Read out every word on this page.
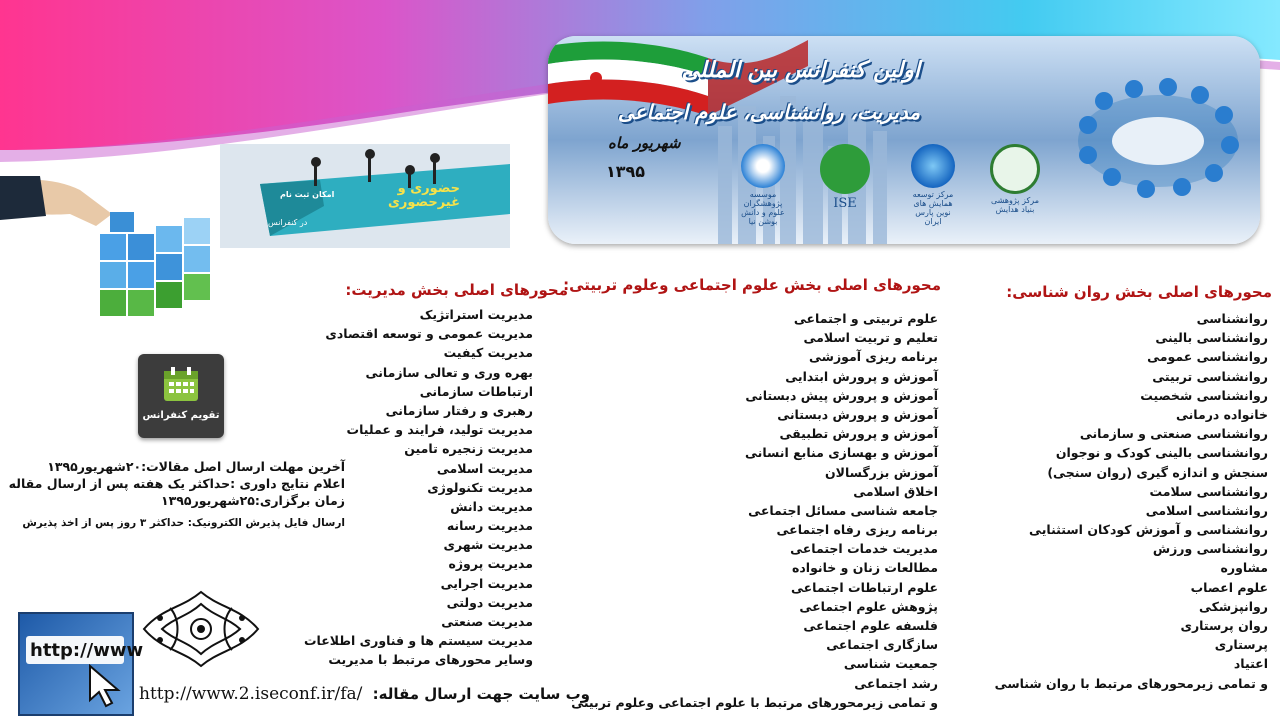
حضوری و
غیرحضوری
امکان ثبت نام
در کنفرانس
اولین کنفرانس بین المللی
مدیریت، روانشناسی، علوم اجتماعی
شهریور ماه
۱۳۹۵
مرکز پژوهشی
بنیاد هدایش
مرکز توسعه
همایش های
نوین پارس
ایران
ISE
موسسه
پژوهشگران
علوم و دانش
بوشن نیا
تقویم کنفرانس
محورهای اصلی بخش روان شناسی:
روانشناسی
روانشناسی بالینی
روانشناسی عمومی
روانشناسی تربیتی
روانشناسی شخصیت
خانواده درمانی
روانشناسی صنعتی و سازمانی
روانشناسی بالینی کودک و نوجوان
سنجش و اندازه گیری (روان سنجی)
روانشناسی سلامت
روانشناسی اسلامی
روانشناسی و آموزش کودکان استثنایی
روانشناسی ورزش
مشاوره
علوم اعصاب
روانپزشکی
روان پرستاری
پرستاری
اعتیاد
و تمامی زیرمحورهای مرتبط با روان شناسی
محورهای اصلی بخش علوم اجتماعی وعلوم تربیتی:
علوم تربیتی و اجتماعی
تعلیم و تربیت اسلامی
برنامه ریزی آموزشی
آموزش و پرورش ابتدایی
آموزش و پرورش پیش دبستانی
آموزش و پرورش دبستانی
آموزش و پرورش تطبیقی
آموزش و بهسازی منابع انسانی
آموزش بزرگسالان
اخلاق اسلامی
جامعه شناسی مسائل اجتماعی
برنامه ریزی رفاه اجتماعی
مدیریت خدمات اجتماعی
مطالعات زنان و خانواده
علوم ارتباطات اجتماعی
پژوهش علوم اجتماعی
فلسفه علوم اجتماعی
سازگاری اجتماعی
جمعیت شناسی
رشد اجتماعی
و تمامی زیرمحورهای مرتبط با علوم اجتماعی وعلوم تربیتی
محورهای اصلی بخش مدیریت:
مدیریت استراتژیک
مدیریت عمومی و توسعه اقتصادی
مدیریت کیفیت
بهره وری و تعالی سازمانی
ارتباطات سازمانی
رهبری و رفتار سازمانی
مدیریت تولید، فرایند و عملیات
مدیریت زنجیره تامین
مدیریت اسلامی
مدیریت تکنولوژی
مدیریت دانش
مدیریت رسانه
مدیریت شهری
مدیریت پروژه
مدیریت اجرایی
مدیریت دولتی
مدیریت صنعتی
مدیریت سیستم ها و فناوری اطلاعات
وسایر محورهای مرتبط با مدیریت
آخرین مهلت ارسال اصل مقالات:۲۰شهریور۱۳۹۵
اعلام نتایج داوری :حداکثر یک هفته پس از ارسال مقاله
زمان برگزاری:۲۵شهریور۱۳۹۵
ارسال فایل پذیرش الکترونیک: حداکثر ۳ روز پس از اخذ پذیرش
http://www
وب سایت جهت ارسال مقاله:
http://www.2.iseconf.ir/fa/
